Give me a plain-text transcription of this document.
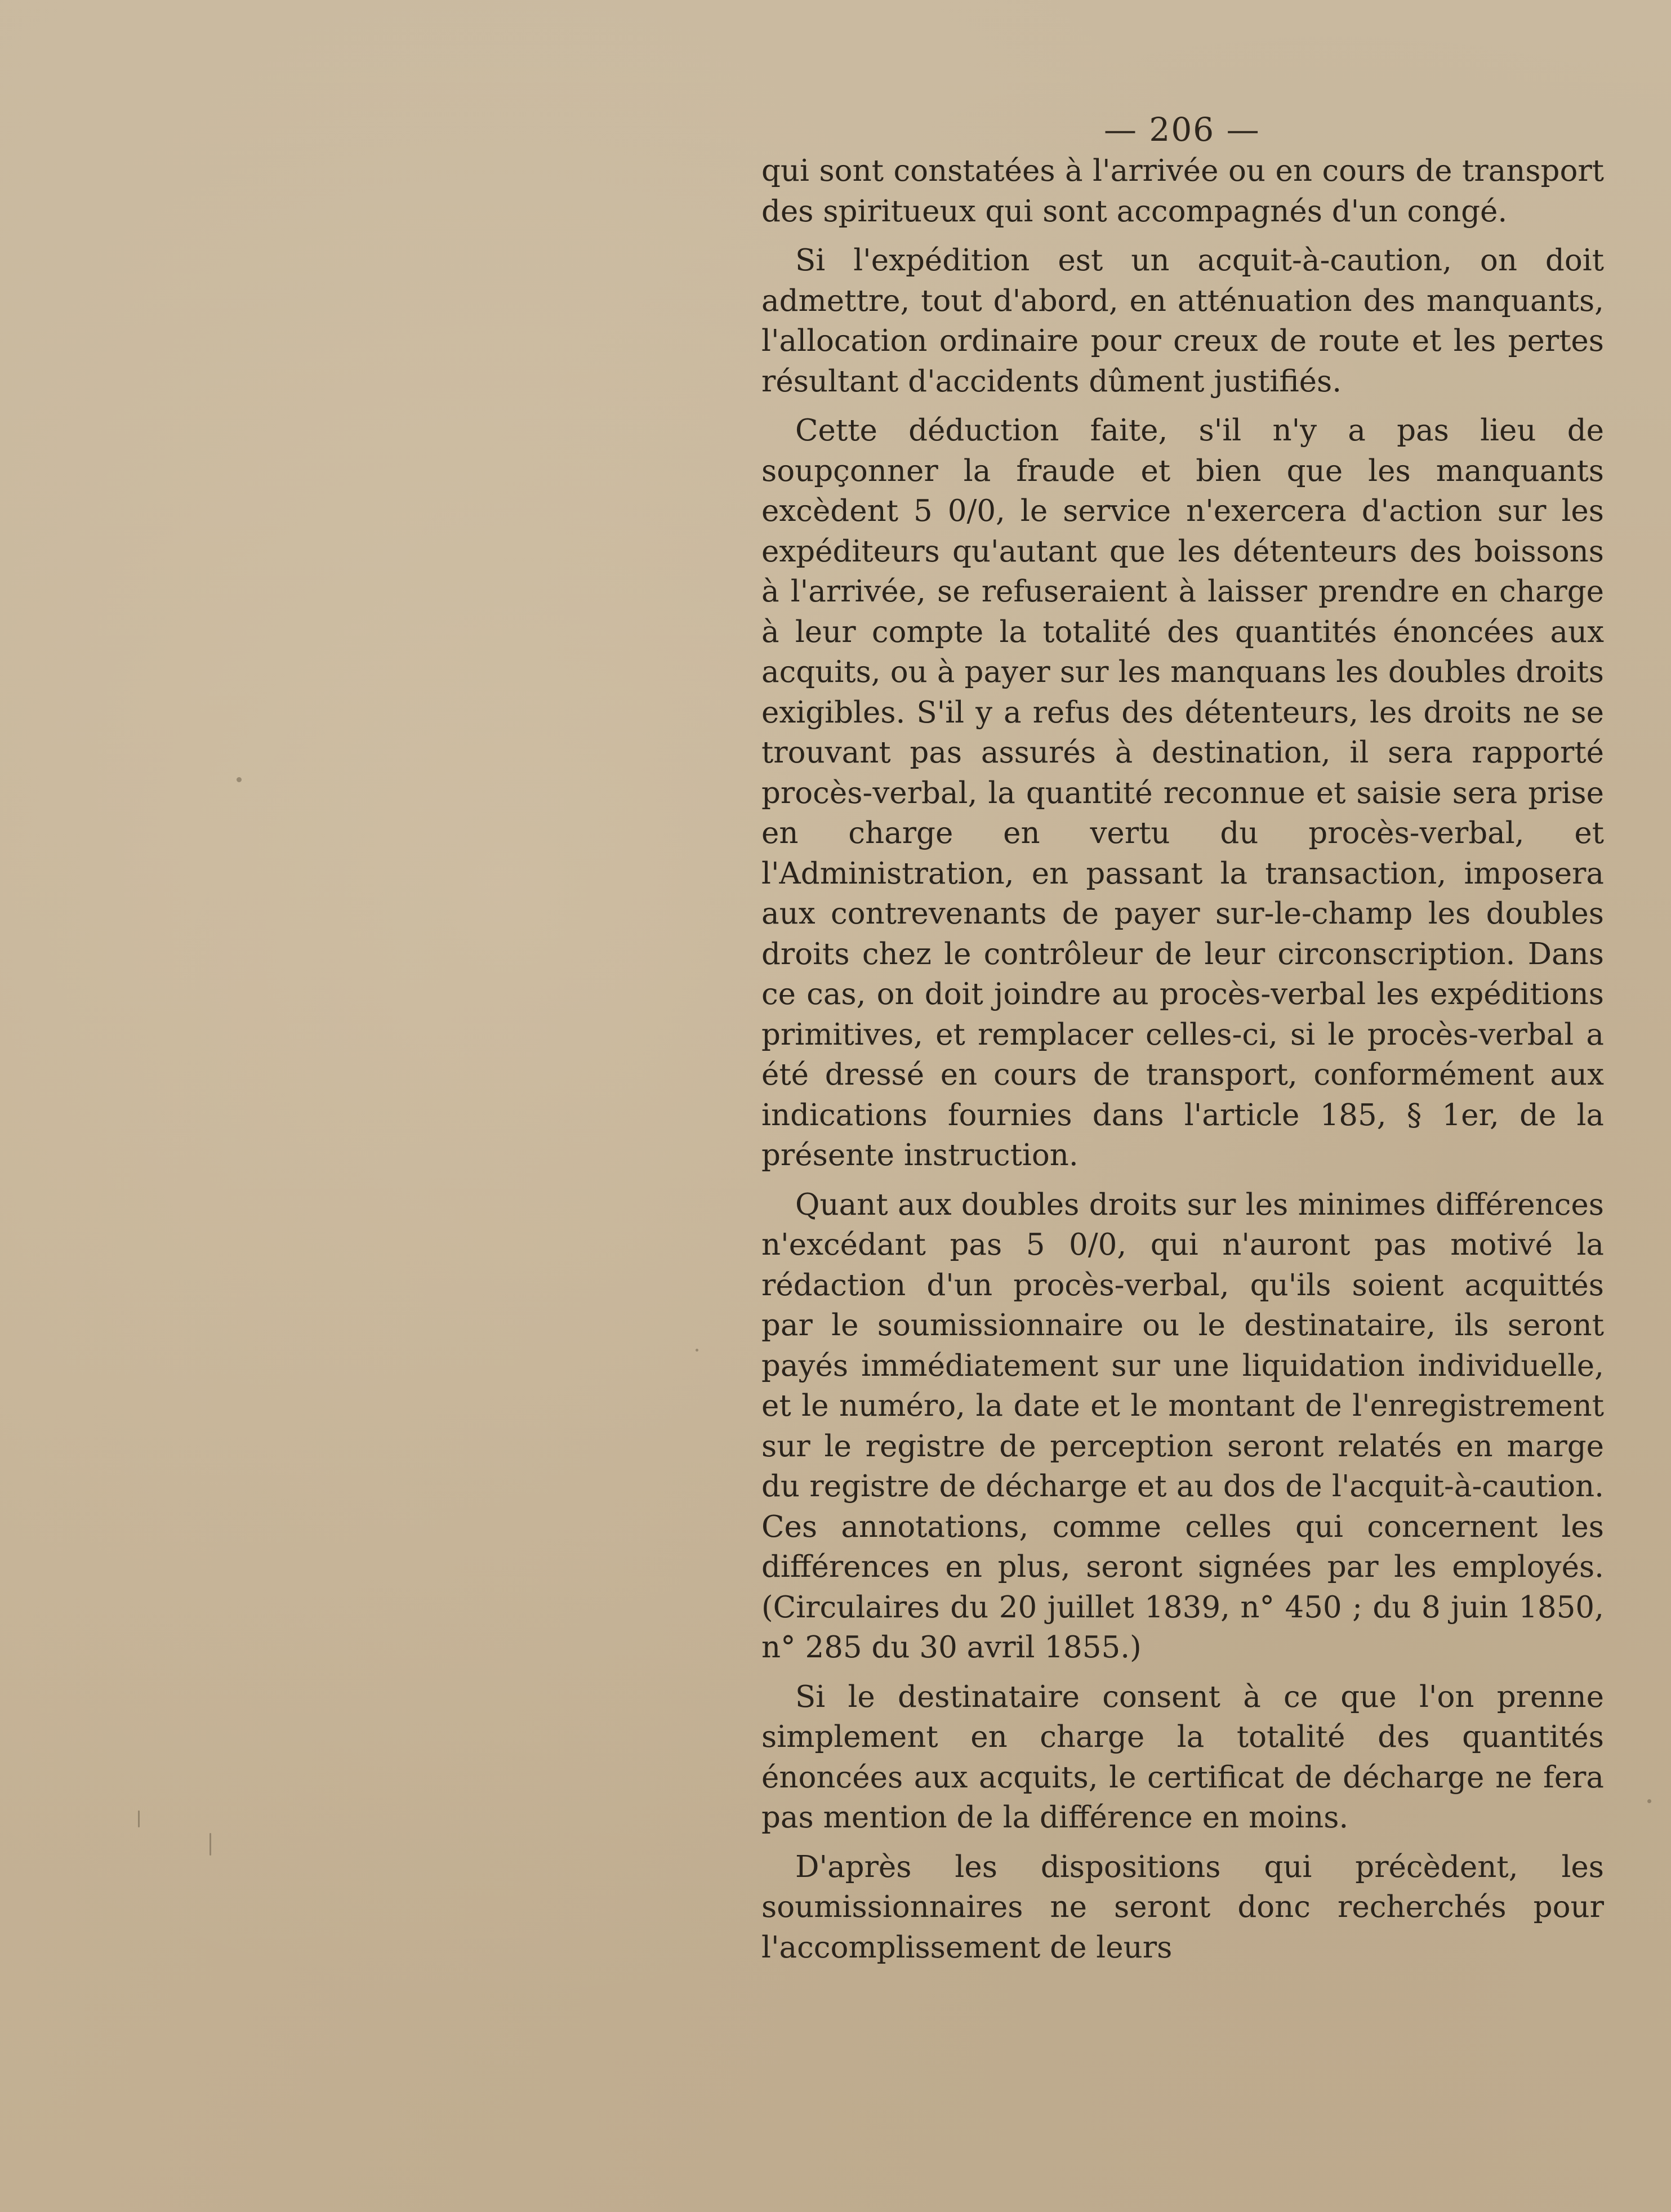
— 206 —

qui sont constatées à l'arrivée ou en cours de transport des spiritueux qui sont accompagnés d'un congé.

Si l'expédition est un acquit-à-caution, on doit admettre, tout d'abord, en atténuation des manquants, l'allocation ordinaire pour creux de route et les pertes résultant d'accidents dûment justifiés.

Cette déduction faite, s'il n'y a pas lieu de soupçonner la fraude et bien que les manquants excèdent 5 0/0, le service n'exercera d'action sur les expéditeurs qu'autant que les détenteurs des boissons à l'arrivée, se refuseraient à laisser prendre en charge à leur compte la totalité des quantités énoncées aux acquits, ou à payer sur les manquans les doubles droits exigibles. S'il y a refus des détenteurs, les droits ne se trouvant pas assurés à destination, il sera rapporté procès-verbal, la quantité reconnue et saisie sera prise en charge en vertu du procès-verbal, et l'Administration, en passant la transaction, imposera aux contrevenants de payer sur-le-champ les doubles droits chez le contrôleur de leur circonscription. Dans ce cas, on doit joindre au procès-verbal les expéditions primitives, et remplacer celles-ci, si le procès-verbal a été dressé en cours de transport, conformément aux indications fournies dans l'article 185, § 1er, de la présente instruction.

Quant aux doubles droits sur les minimes différences n'excédant pas 5 0/0, qui n'auront pas motivé la rédaction d'un procès-verbal, qu'ils soient acquittés par le soumissionnaire ou le destinataire, ils seront payés immédiatement sur une liquidation individuelle, et le numéro, la date et le montant de l'enregistrement sur le registre de perception seront relatés en marge du registre de décharge et au dos de l'acquit-à-caution. Ces annotations, comme celles qui concernent les différences en plus, seront signées par les employés. (Circulaires du 20 juillet 1839, n° 450 ; du 8 juin 1850, n° 285 du 30 avril 1855.)

Si le destinataire consent à ce que l'on prenne simplement en charge la totalité des quantités énoncées aux acquits, le certificat de décharge ne fera pas mention de la différence en moins.

D'après les dispositions qui précèdent, les soumissionnaires ne seront donc recherchés pour l'accomplissement de leurs
